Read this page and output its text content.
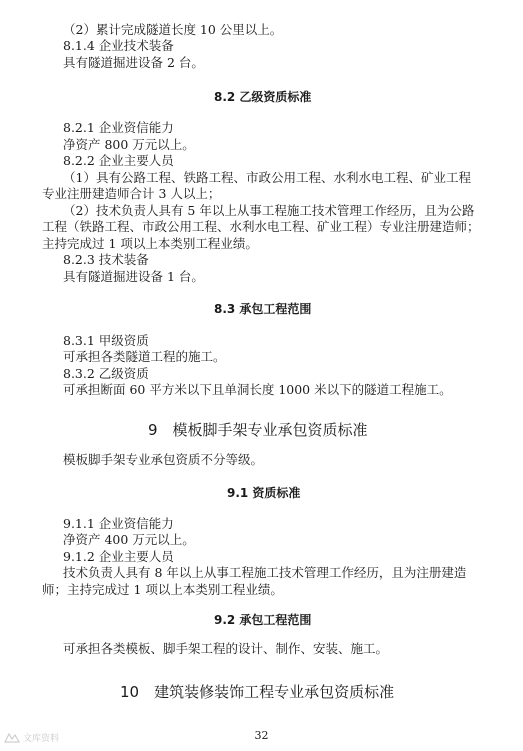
（2）累计完成隧道长度 10 公里以上。
8.1.4 企业技术装备
具有隧道掘进设备 2 台。
8.2 乙级资质标准
8.2.1 企业资信能力
净资产 800 万元以上。
8.2.2 企业主要人员
（1）具有公路工程、铁路工程、市政公用工程、水利水电工程、矿业工程
专业注册建造师合计 3 人以上；
（2）技术负责人具有 5 年以上从事工程施工技术管理工作经历，且为公路
工程（铁路工程、市政公用工程、水利水电工程、矿业工程）专业注册建造师；
主持完成过 1 项以上本类别工程业绩。
8.2.3 技术装备
具有隧道掘进设备 1 台。
8.3 承包工程范围
8.3.1 甲级资质
可承担各类隧道工程的施工。
8.3.2 乙级资质
可承担断面 60 平方米以下且单洞长度 1000 米以下的隧道工程施工。
9　模板脚手架专业承包资质标准
模板脚手架专业承包资质不分等级。
9.1 资质标准
9.1.1 企业资信能力
净资产 400 万元以上。
9.1.2 企业主要人员
技术负责人具有 8 年以上从事工程施工技术管理工作经历，且为注册建造
师；主持完成过 1 项以上本类别工程业绩。
9.2 承包工程范围
可承担各类模板、脚手架工程的设计、制作、安装、施工。
10　建筑装修装饰工程专业承包资质标准
32
文库资料
